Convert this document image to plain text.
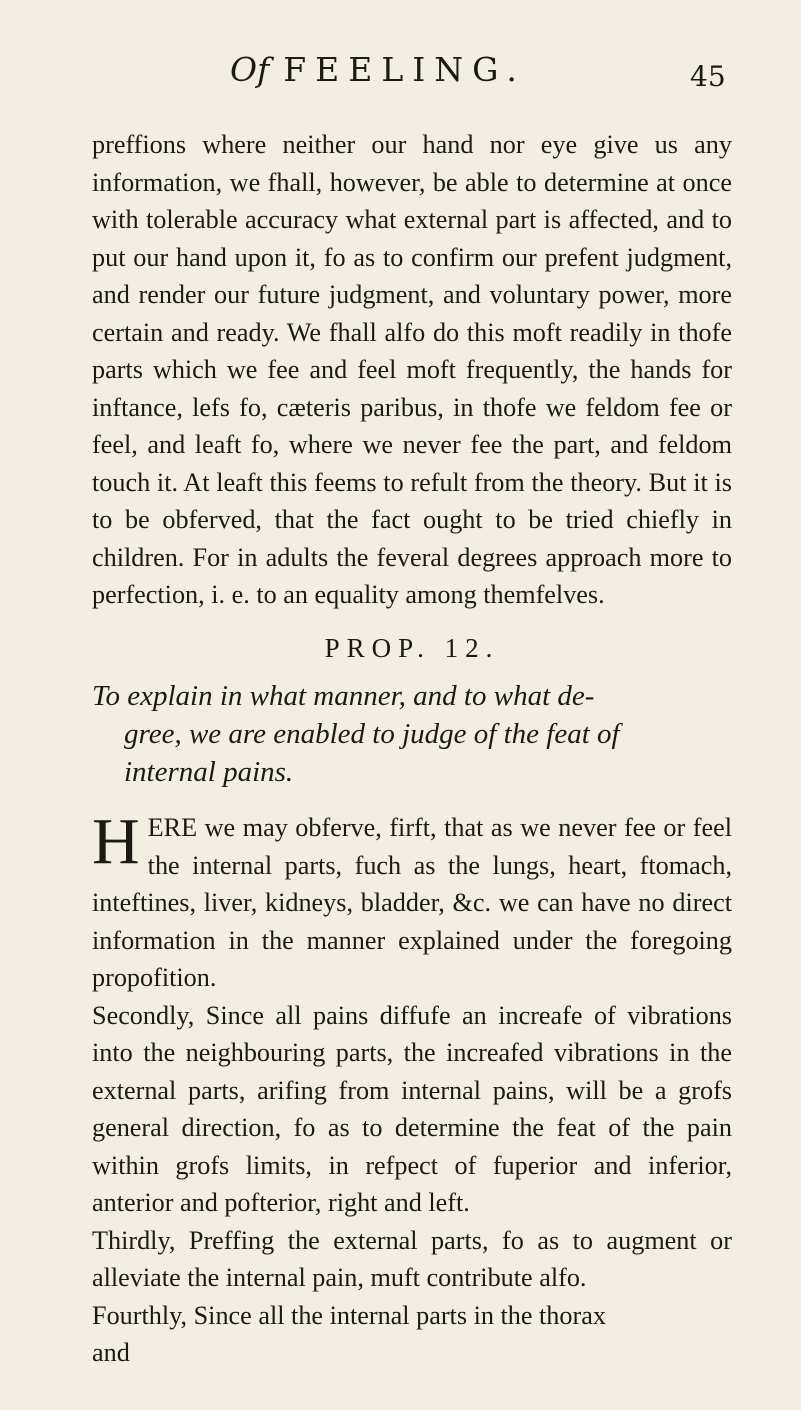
Of FEELING.	45

preffions where neither our hand nor eye give us any information, we fhall, however, be able to determine at once with tolerable accuracy what external part is affected, and to put our hand upon it, fo as to confirm our prefent judgment, and render our future judgment, and voluntary power, more certain and ready. We fhall alfo do this moft readily in thofe parts which we fee and feel moft frequently, the hands for inftance, lefs fo, cæteris paribus, in thofe we feldom fee or feel, and leaft fo, where we never fee the part, and feldom touch it. At leaft this feems to refult from the theory. But it is to be obferved, that the fact ought to be tried chiefly in children. For in adults the feveral degrees approach more to perfection, i. e. to an equality among themfelves.

PROP. 12.
To explain in what manner, and to what de-
gree, we are enabled to judge of the feat of
internal pains.

HERE we may obferve, firft, that as we never fee or feel the internal parts, fuch as the lungs, heart, ftomach, inteftines, liver, kidneys, bladder, &c. we can have no direct information in the manner explained under the foregoing propofition.

Secondly, Since all pains diffufe an increafe of vibrations into the neighbouring parts, the increafed vibrations in the external parts, arifing from internal pains, will be a grofs general direction, fo as to determine the feat of the pain within grofs limits, in refpect of fuperior and inferior, anterior and pofterior, right and left.

Thirdly, Preffing the external parts, fo as to augment or alleviate the internal pain, muft contribute alfo.

Fourthly, Since all the internal parts in the thorax

and
